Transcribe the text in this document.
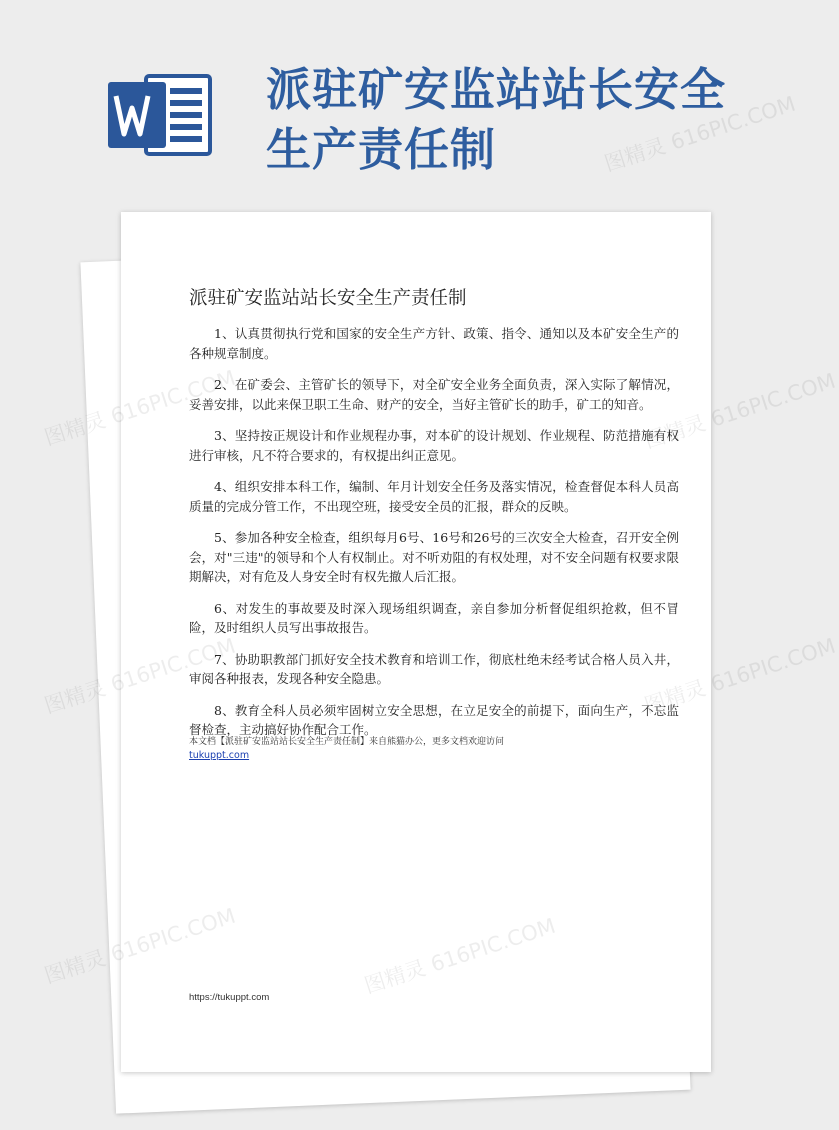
派驻矿安监站站长安全生产责任制
派驻矿安监站站长安全生产责任制

1、认真贯彻执行党和国家的安全生产方针、政策、指令、通知以及本矿安全生产的各种规章制度。

2、在矿委会、主管矿长的领导下，对全矿安全业务全面负责，深入实际了解情况，妥善安排，以此来保卫职工生命、财产的安全，当好主管矿长的助手，矿工的知音。

3、坚持按正规设计和作业规程办事，对本矿的设计规划、作业规程、防范措施有权进行审核，凡不符合要求的，有权提出纠正意见。

4、组织安排本科工作，编制、年月计划安全任务及落实情况，检查督促本科人员高质量的完成分管工作，不出现空班，接受安全员的汇报，群众的反映。

5、参加各种安全检查，组织每月6号、16号和26号的三次安全大检查，召开安全例会，对"三违"的领导和个人有权制止。对不听劝阻的有权处理，对不安全问题有权要求限期解决，对有危及人身安全时有权先撤人后汇报。

6、对发生的事故要及时深入现场组织调查，亲自参加分析督促组织抢救，但不冒险，及时组织人员写出事故报告。

7、协助职教部门抓好安全技术教育和培训工作，彻底杜绝未经考试合格人员入井，审阅各种报表，发现各种安全隐患。

8、教育全科人员必须牢固树立安全思想，在立足安全的前提下，面向生产，不忘监督检查，主动搞好协作配合工作。

本文档【派驻矿安监站站长安全生产责任制】来自熊猫办公，更多文档欢迎访问
tukuppt.com
https://tukuppt.com
图精灵 616PIC.COM
图精灵	图精灵 616PIC.COM
图精灵	图精灵 616PIC.COM
图精灵
